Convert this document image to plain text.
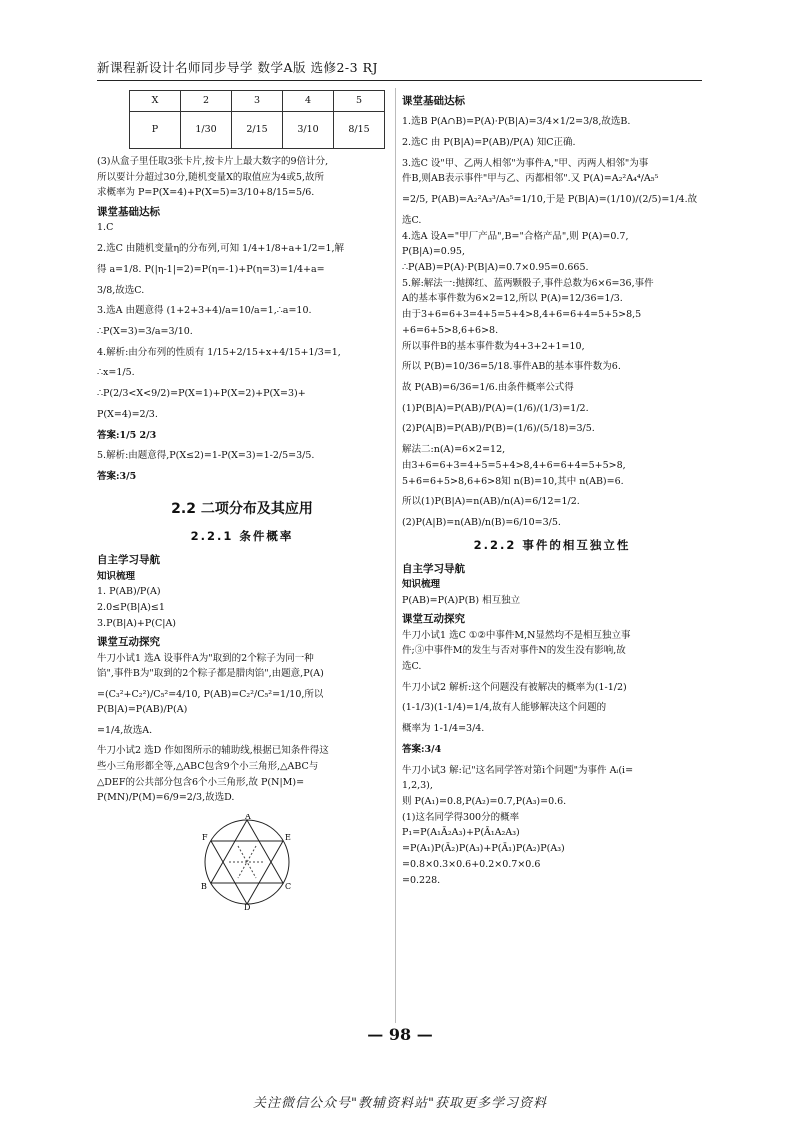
新课程新设计名师同步导学 数学A版 选修2-3 RJ
X	2	3	4	5
P	1/30	2/15	3/10	8/15
(3)从盒子里任取3张卡片,按卡片上最大数字的9倍计分,
所以要计分超过30分,随机变量X的取值应为4或5,故所
求概率为 P=P(X=4)+P(X=5)=3/10+8/15=5/6.
课堂基础达标
1.C
2.选C 由随机变量η的分布列,可知 1/4+1/8+a+1/2=1,解
得 a=1/8. P(|η-1|=2)=P(η=-1)+P(η=3)=1/4+a=
3/8,故选C.
3.选A 由题意得 (1+2+3+4)/a=10/a=1,∴a=10.
∴P(X=3)=3/a=3/10.
4.解析:由分布列的性质有 1/15+2/15+x+4/15+1/3=1,
∴x=1/5.
∴P(2/3<X<9/2)=P(X=1)+P(X=2)+P(X=3)+
P(X=4)=2/3.
答案:1/5 2/3
5.解析:由题意得,P(X≤2)=1-P(X=3)=1-2/5=3/5.
答案:3/5
2.2 二项分布及其应用
2.2.1 条件概率
自主学习导航
知识梳理
1. P(AB)/P(A)
2.0≤P(B|A)≤1
3.P(B|A)+P(C|A)
课堂互动探究
牛刀小试1 选A 设事件A为"取到的2个粽子为同一种
馅",事件B为"取到的2个粽子都是腊肉馅",由题意,P(A)
=(C₃²+C₂²)/C₅²=4/10, P(AB)=C₂²/C₅²=1/10,所以 P(B|A)=P(AB)/P(A)
=1/4,故选A.
牛刀小试2 选D 作如图所示的辅助线,根据已知条件得这
些小三角形都全等,△ABC包含9个小三角形,△ABC与
△DEF的公共部分包含6个小三角形,故 P(N|M)=
P(MN)/P(M)=6/9=2/3,故选D.
A
B	C
D
E
F
课堂基础达标
1.选B P(A∩B)=P(A)·P(B|A)=3/4×1/2=3/8,故选B.
2.选C 由 P(B|A)=P(AB)/P(A) 知C正确.
3.选C 设"甲、乙两人相邻"为事件A,"甲、丙两人相邻"为事
件B,则AB表示事件"甲与乙、丙都相邻".又 P(A)=A₂²A₄⁴/A₅⁵
=2/5, P(AB)=A₂²A₃³/A₅⁵=1/10,于是 P(B|A)=(1/10)/(2/5)=1/4.故
选C.
4.选A 设A="甲厂产品",B="合格产品",则 P(A)=0.7,
P(B|A)=0.95,
∴P(AB)=P(A)·P(B|A)=0.7×0.95=0.665.
5.解:解法一:抛掷红、蓝两颗骰子,事件总数为6×6=36,事件
A的基本事件数为6×2=12,所以 P(A)=12/36=1/3.
由于3+6=6+3=4+5=5+4>8,4+6=6+4=5+5>8,5
+6=6+5>8,6+6>8.
所以事件B的基本事件数为4+3+2+1=10,
所以 P(B)=10/36=5/18.事件AB的基本事件数为6.
故 P(AB)=6/36=1/6.由条件概率公式得
(1)P(B|A)=P(AB)/P(A)=(1/6)/(1/3)=1/2.
(2)P(A|B)=P(AB)/P(B)=(1/6)/(5/18)=3/5.
解法二:n(A)=6×2=12,
由3+6=6+3=4+5=5+4>8,4+6=6+4=5+5>8,
5+6=6+5>8,6+6>8知 n(B)=10,其中 n(AB)=6.
所以(1)P(B|A)=n(AB)/n(A)=6/12=1/2.
(2)P(A|B)=n(AB)/n(B)=6/10=3/5.
2.2.2 事件的相互独立性
自主学习导航
知识梳理
P(AB)=P(A)P(B) 相互独立
课堂互动探究
牛刀小试1 选C ①②中事件M,N显然均不是相互独立事
件;③中事件M的发生与否对事件N的发生没有影响,故
选C.
牛刀小试2 解析:这个问题没有被解决的概率为(1-1/2)
(1-1/3)(1-1/4)=1/4,故有人能够解决这个问题的
概率为 1-1/4=3/4.
答案:3/4
牛刀小试3 解:记"这名同学答对第i个问题"为事件 Aᵢ(i=
1,2,3),
则 P(A₁)=0.8,P(A₂)=0.7,P(A₃)=0.6.
(1)这名同学得300分的概率
P₁=P(A₁Ā₂A₃)+P(Ā₁A₂A₃)
=P(A₁)P(Ā₂)P(A₃)+P(Ā₁)P(A₂)P(A₃)
=0.8×0.3×0.6+0.2×0.7×0.6
=0.228.
— 98 —
关注微信公众号"教辅资料站"获取更多学习资料
